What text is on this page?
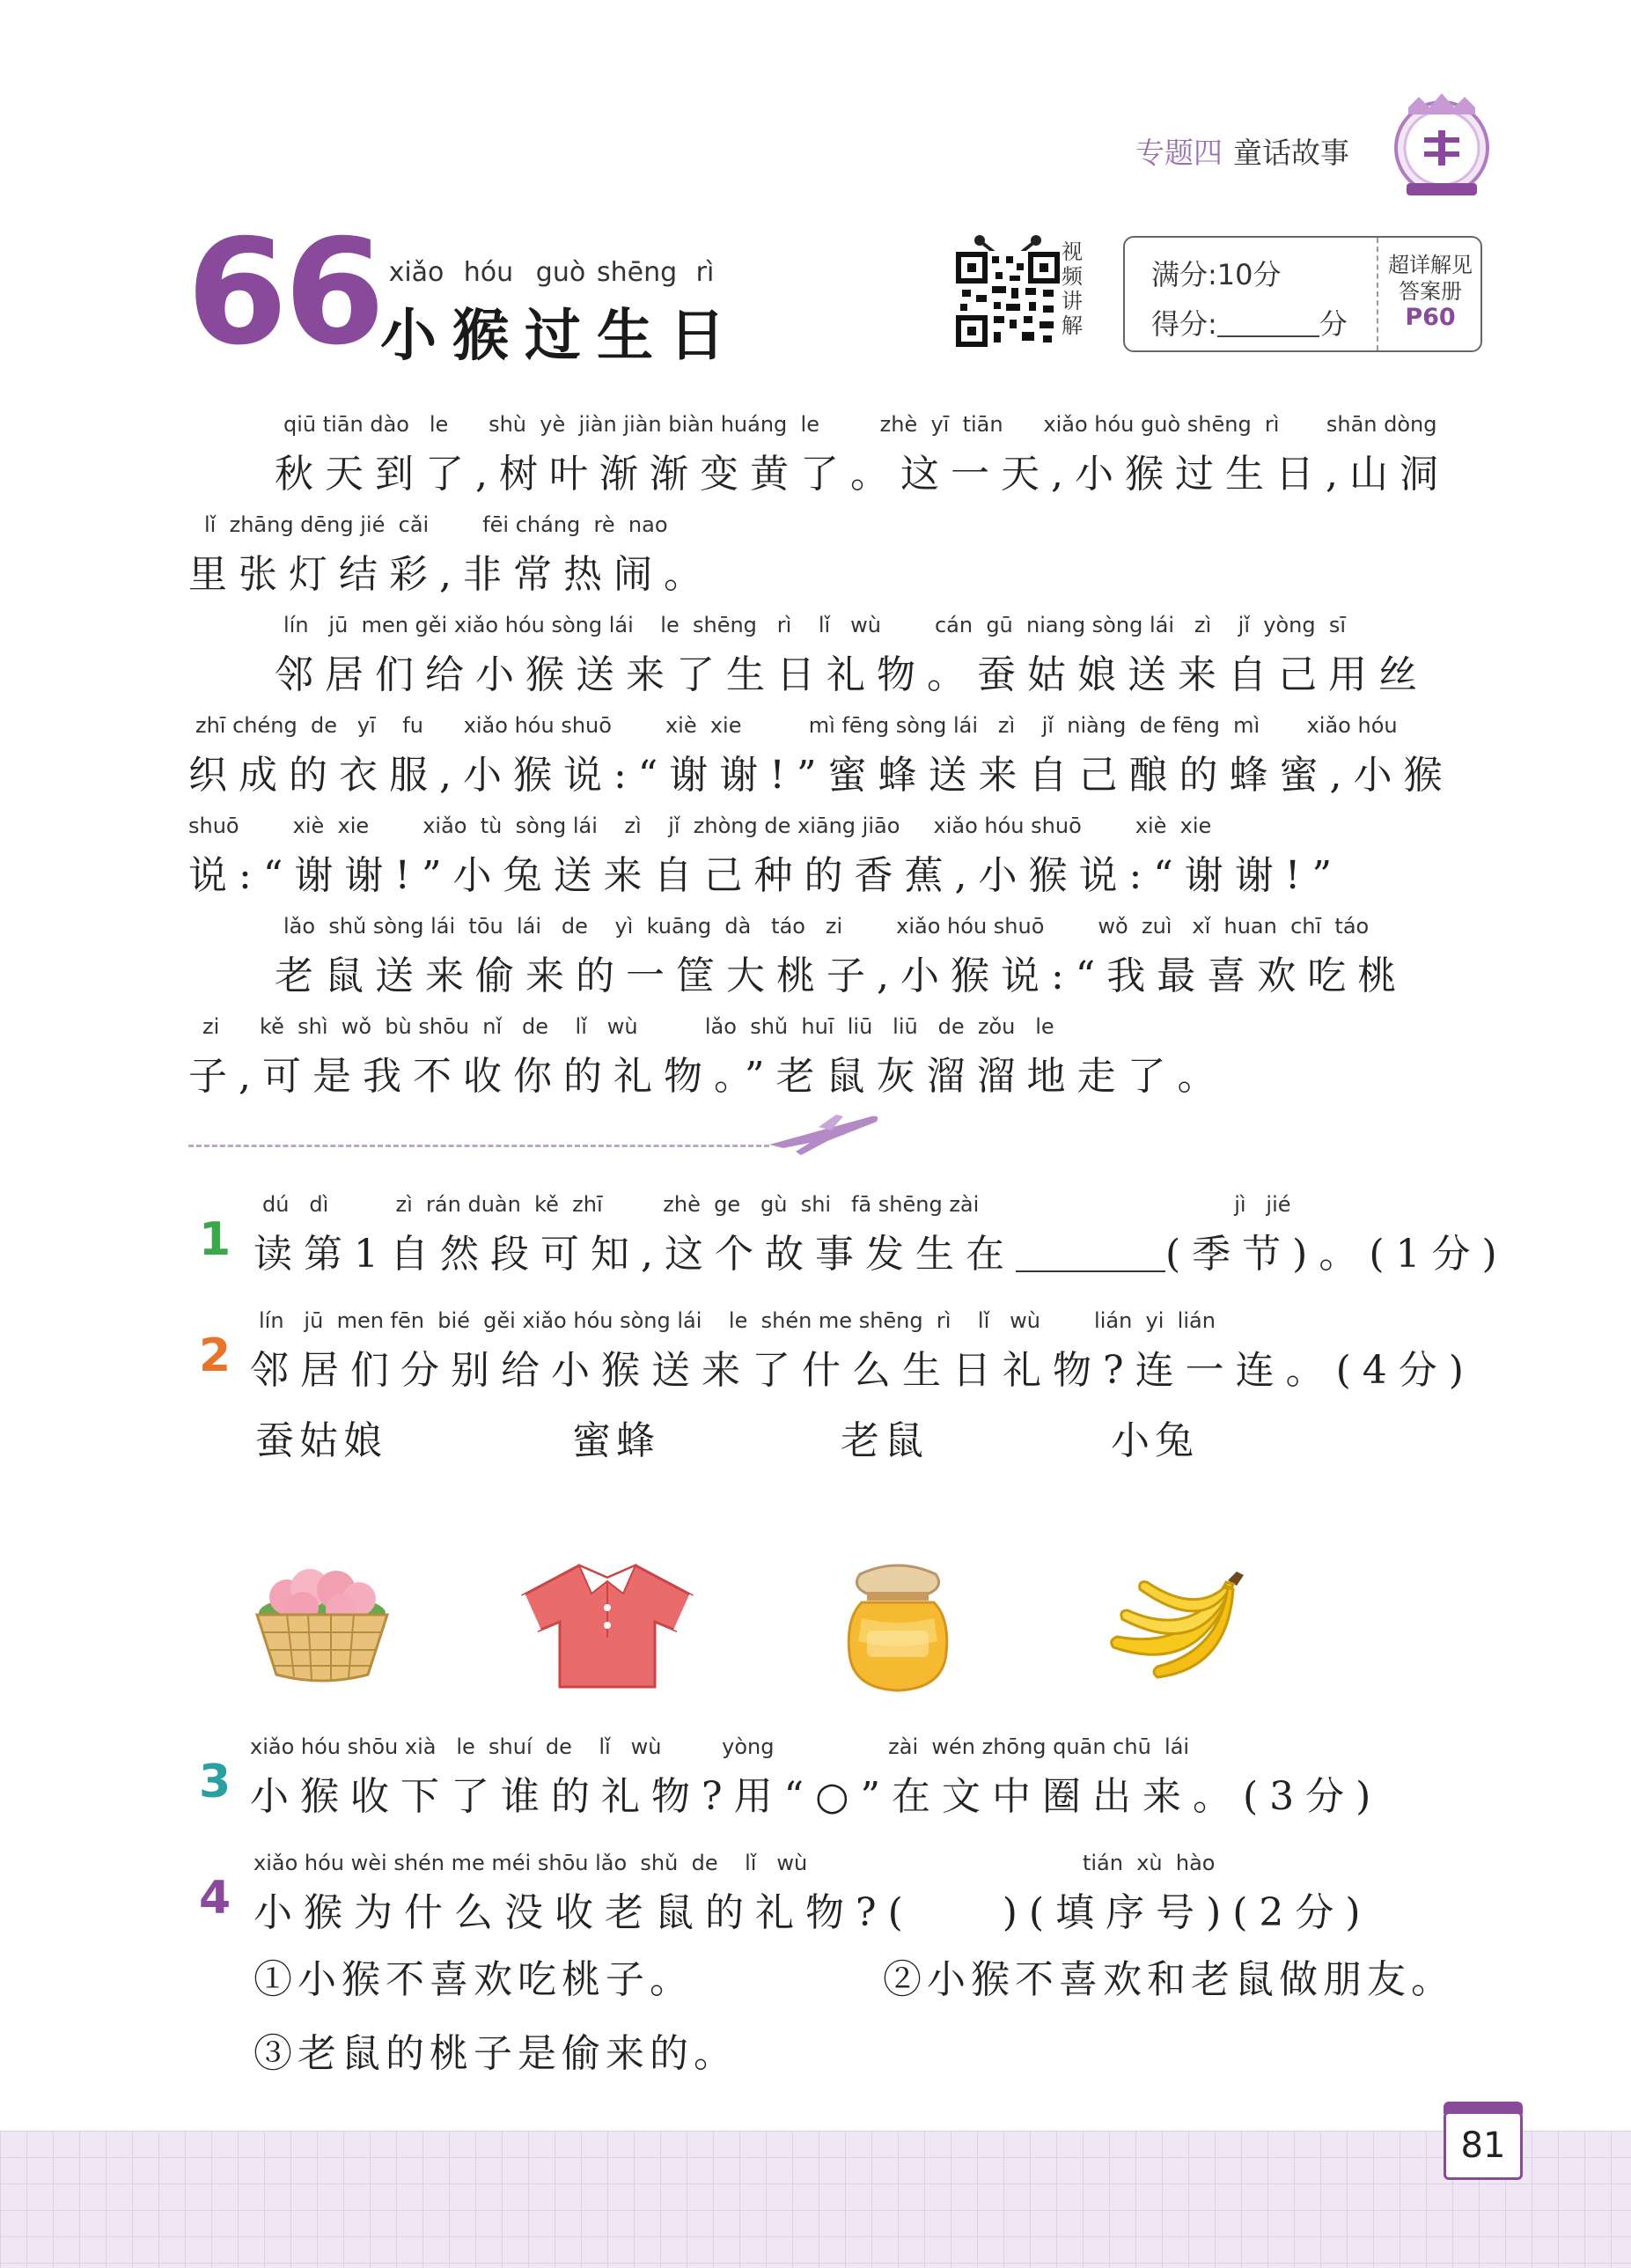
专题四 童话故事
66 xiǎo hóu guò shēng rì
小猴过生日
视
频
讲
解
满分:10分
得分:	分
超详解见
答案册
P60
qiū tiān dào   le      shù  yè  jiàn jiàn biàn huáng  le         zhè  yī  tiān      xiǎo hóu guò shēng  rì       shān dòng
秋天到了,树叶渐渐变黄了。这一天,小猴过生日,山洞
lǐ  zhāng dēng jié  cǎi        fēi cháng  rè  nao
里张灯结彩,非常热闹。
lín   jū  men gěi xiǎo hóu sòng lái    le  shēng   rì    lǐ   wù        cán  gū  niang sòng lái   zì    jǐ  yòng  sī
邻居们给小猴送来了生日礼物。蚕姑娘送来自己用丝
zhī chéng  de   yī    fu      xiǎo hóu shuō        xiè  xie          mì fēng sòng lái   zì    jǐ  niàng  de fēng  mì       xiǎo hóu
织成的衣服,小猴说:“谢谢!”蜜蜂送来自己酿的蜂蜜,小猴
shuō        xiè  xie        xiǎo  tù  sòng lái    zì    jǐ  zhòng de xiāng jiāo     xiǎo hóu shuō        xiè  xie
说:“谢谢!”小兔送来自己种的香蕉,小猴说:“谢谢!”
lǎo  shǔ sòng lái  tōu  lái   de    yì  kuāng  dà   táo   zi        xiǎo hóu shuō        wǒ  zuì   xǐ  huan  chī  táo
老鼠送来偷来的一筐大桃子,小猴说:“我最喜欢吃桃
zi      kě  shì  wǒ  bù shōu  nǐ   de    lǐ   wù          lǎo  shǔ  huī  liū   liū   de  zǒu   le
子,可是我不收你的礼物。”老鼠灰溜溜地走了。
1
dú   dì          zì  rán duàn  kě  zhī         zhè  ge   gù  shi   fā shēng zài                                      jì   jié
读第1自然段可知,这个故事发生在	(季节)。(1分)
2
lín   jū  men fēn  bié  gěi xiǎo hóu sòng lái    le  shén me shēng  rì    lǐ   wù        lián  yi  lián
邻居们分别给小猴送来了什么生日礼物?连一连。(4分)
蚕姑娘	蜜蜂	老鼠	小兔
3
xiǎo hóu shōu xià   le  shuí  de    lǐ   wù         yòng                 zài  wén zhōng quān chū  lái
小猴收下了谁的礼物?用“○”在文中圈出来。(3分)
4
xiǎo hóu wèi shén me méi shōu lǎo  shǔ  de    lǐ   wù                                         tián  xù  hào
小猴为什么没收老鼠的礼物?( )(填序号)(2分)
①小猴不喜欢吃桃子。	②小猴不喜欢和老鼠做朋友。
③老鼠的桃子是偷来的。
81
